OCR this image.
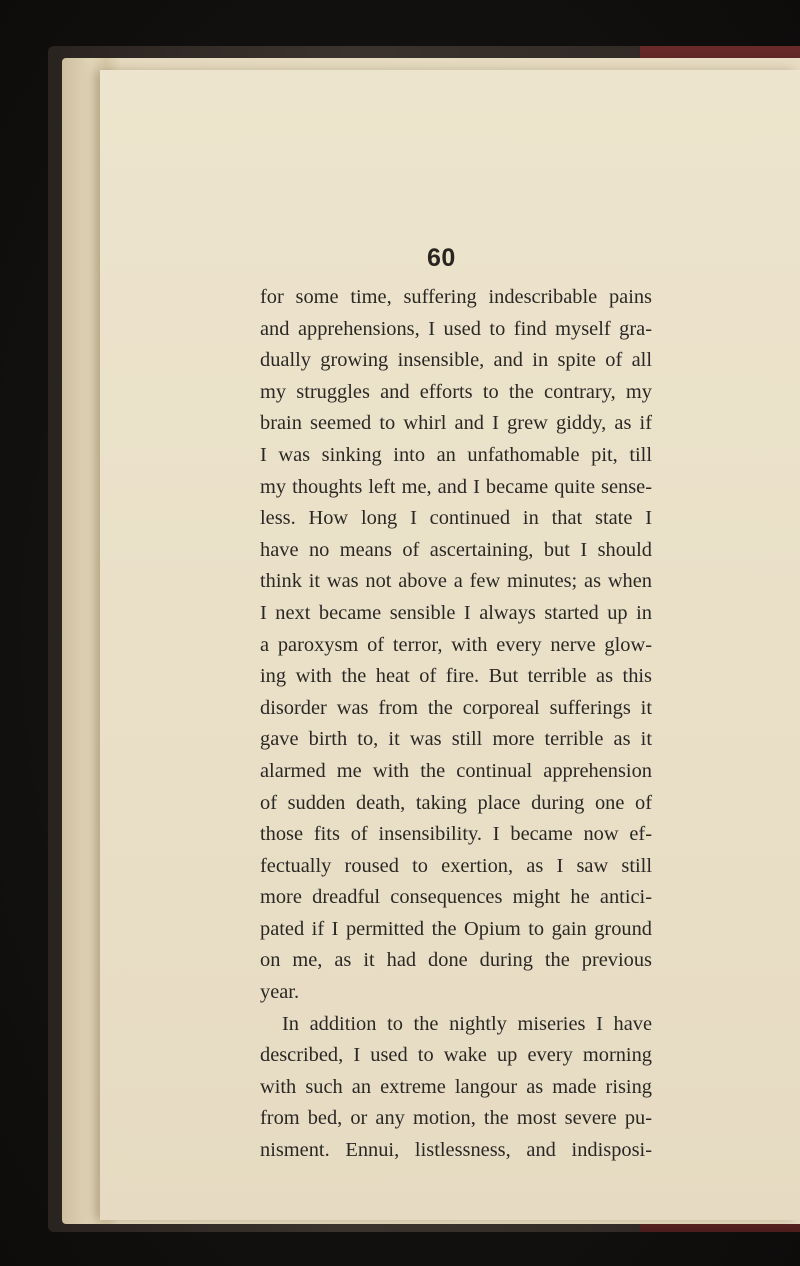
60
for some time, suffering indescribable pains
and apprehensions, I used to find myself gra-
dually growing insensible, and in spite of all
my struggles and efforts to the contrary, my
brain seemed to whirl and I grew giddy, as if
I was sinking into an unfathomable pit, till
my thoughts left me, and I became quite sense-
less. How long I continued in that state I
have no means of ascertaining, but I should
think it was not above a few minutes; as when
I next became sensible I always started up in
a paroxysm of terror, with every nerve glow-
ing with the heat of fire. But terrible as this
disorder was from the corporeal sufferings it
gave birth to, it was still more terrible as it
alarmed me with the continual apprehension
of sudden death, taking place during one of
those fits of insensibility. I became now ef-
fectually roused to exertion, as I saw still
more dreadful consequences might he antici-
pated if I permitted the Opium to gain ground
on me, as it had done during the previous
year.
In addition to the nightly miseries I have
described, I used to wake up every morning
with such an extreme langour as made rising
from bed, or any motion, the most severe pu-
nisment. Ennui, listlessness, and indisposi-
